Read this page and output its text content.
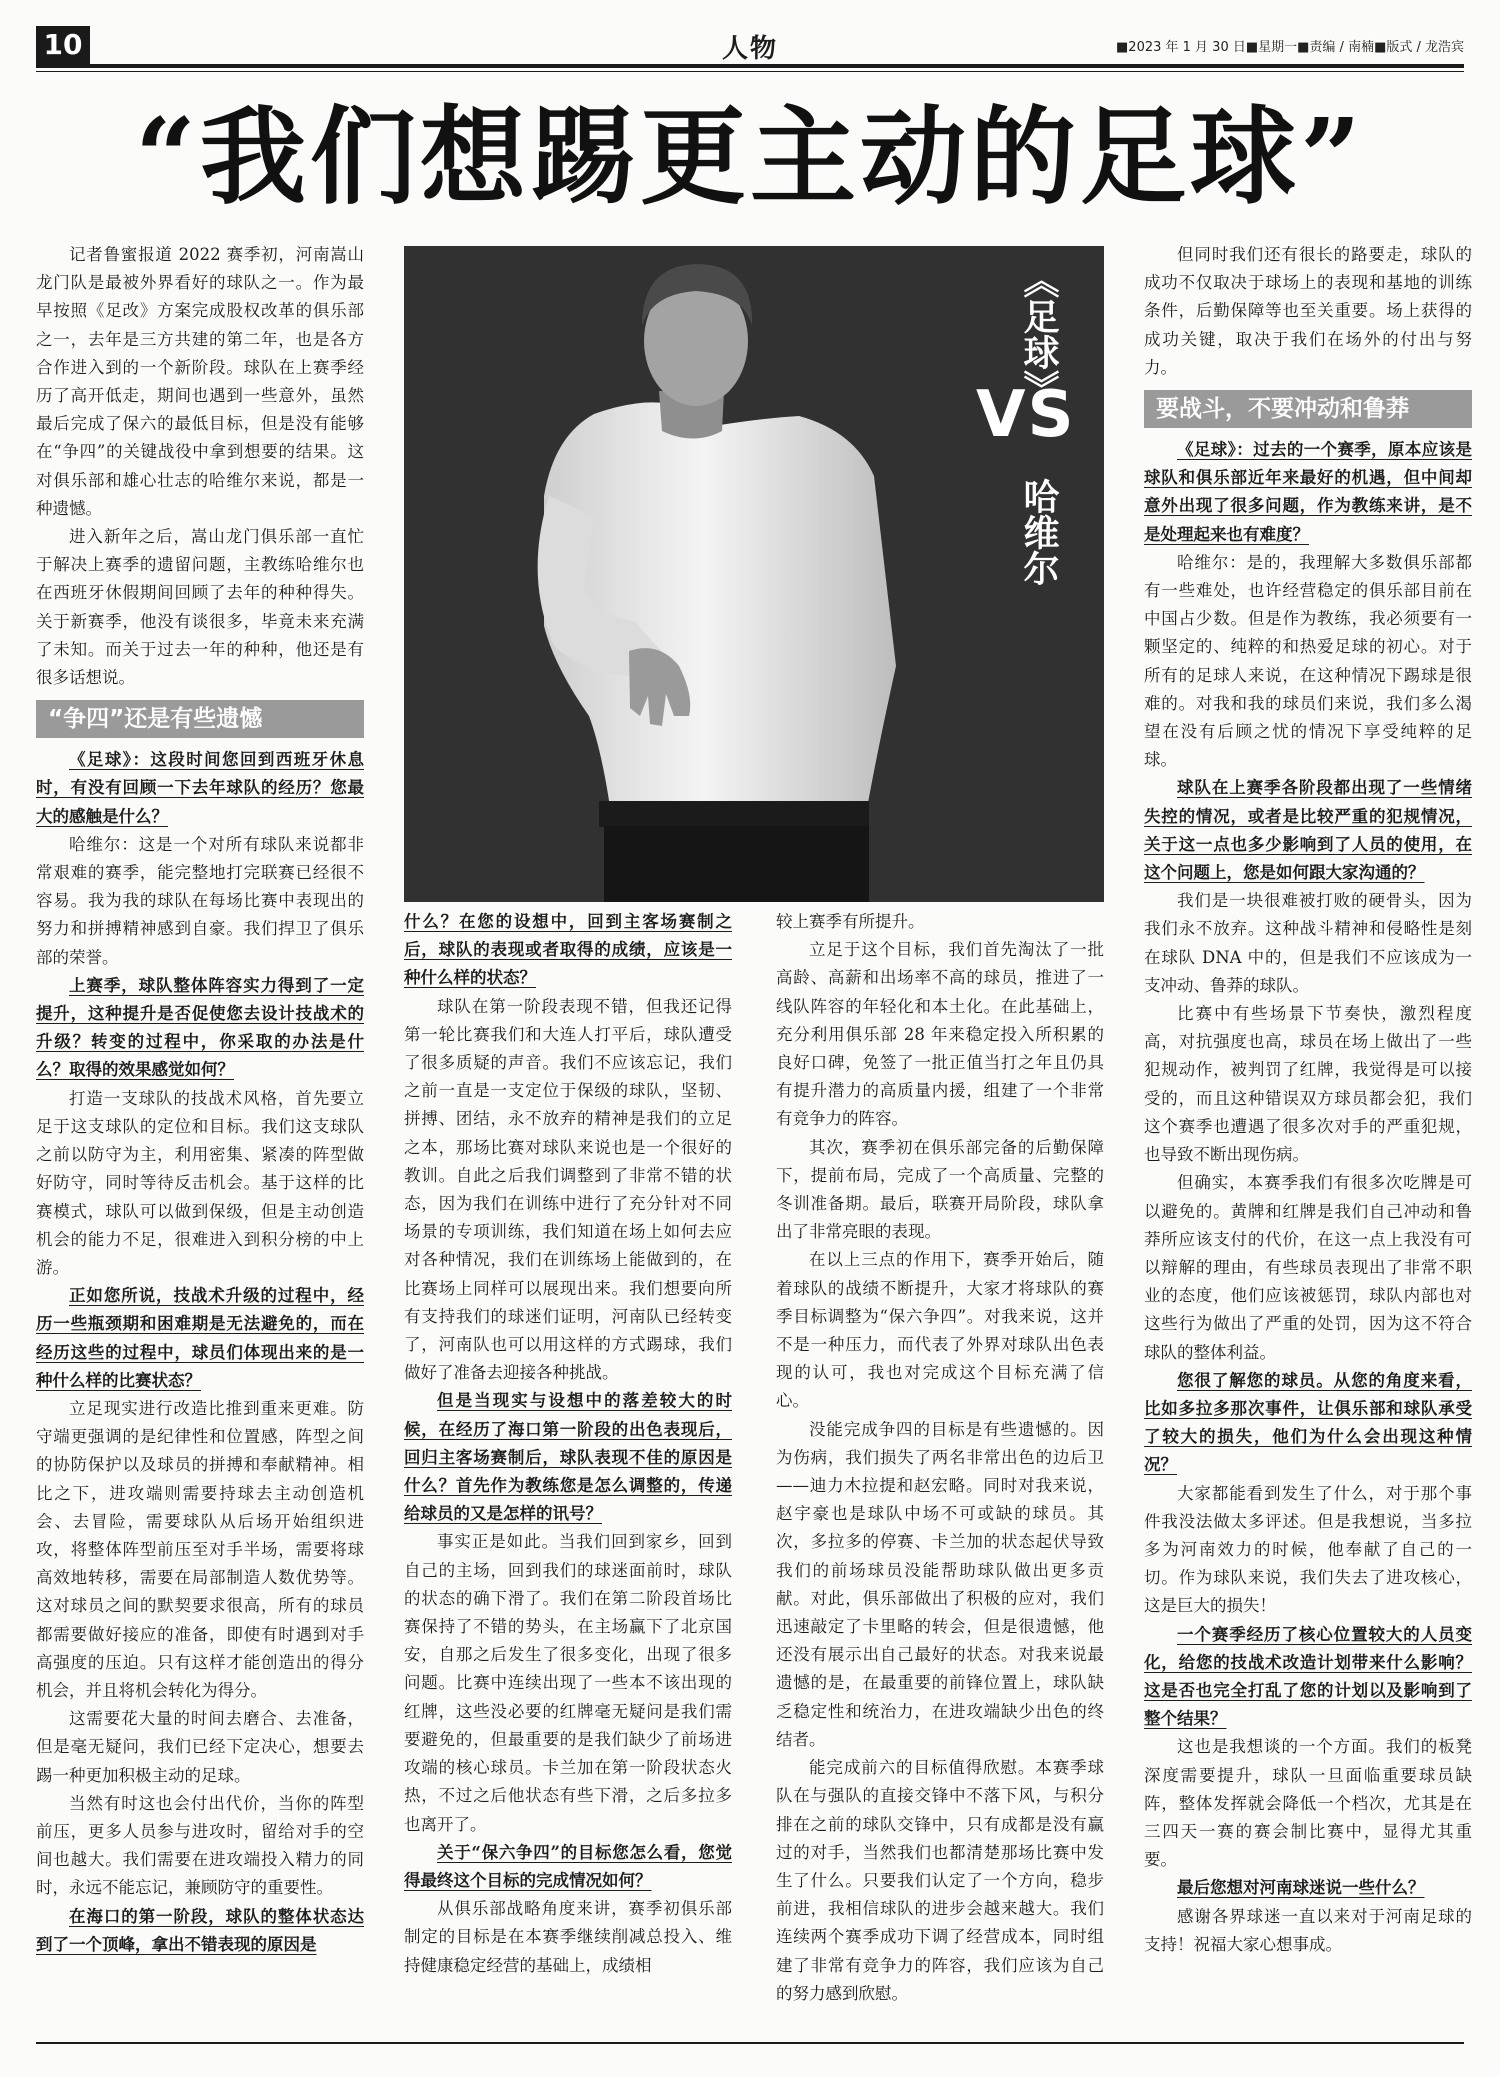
10	人物	■2023 年 1 月 30 日■星期一■责编 / 南楠■版式 / 龙浩宾
“我们想踢更主动的足球”

记者鲁蜜报道 2022 赛季初，河南嵩山龙门队是最被外界看好的球队之一。作为最早按照《足改》方案完成股权改革的俱乐部之一，去年是三方共建的第二年，也是各方合作进入到的一个新阶段。球队在上赛季经历了高开低走，期间也遇到一些意外，虽然最后完成了保六的最低目标，但是没有能够在“争四”的关键战役中拿到想要的结果。这对俱乐部和雄心壮志的哈维尔来说，都是一种遗憾。

进入新年之后，嵩山龙门俱乐部一直忙于解决上赛季的遗留问题，主教练哈维尔也在西班牙休假期间回顾了去年的种种得失。关于新赛季，他没有谈很多，毕竟未来充满了未知。而关于过去一年的种种，他还是有很多话想说。

“争四”还是有些遗憾

《足球》：这段时间您回到西班牙休息时，有没有回顾一下去年球队的经历？您最大的感触是什么？

哈维尔：这是一个对所有球队来说都非常艰难的赛季，能完整地打完联赛已经很不容易。我为我的球队在每场比赛中表现出的努力和拼搏精神感到自豪。我们捍卫了俱乐部的荣誉。

上赛季，球队整体阵容实力得到了一定提升，这种提升是否促使您去设计技战术的升级？转变的过程中，你采取的办法是什么？取得的效果感觉如何？

打造一支球队的技战术风格，首先要立足于这支球队的定位和目标。我们这支球队之前以防守为主，利用密集、紧凑的阵型做好防守，同时等待反击机会。基于这样的比赛模式，球队可以做到保级，但是主动创造机会的能力不足，很难进入到积分榜的中上游。

正如您所说，技战术升级的过程中，经历一些瓶颈期和困难期是无法避免的，而在经历这些的过程中，球员们体现出来的是一种什么样的比赛状态？

立足现实进行改造比推到重来更难。防守端更强调的是纪律性和位置感，阵型之间的协防保护以及球员的拼搏和奉献精神。相比之下，进攻端则需要持球去主动创造机会、去冒险，需要球队从后场开始组织进攻，将整体阵型前压至对手半场，需要将球高效地转移，需要在局部制造人数优势等。这对球员之间的默契要求很高，所有的球员都需要做好接应的准备，即使有时遇到对手高强度的压迫。只有这样才能创造出的得分机会，并且将机会转化为得分。

这需要花大量的时间去磨合、去准备，但是毫无疑问，我们已经下定决心，想要去踢一种更加积极主动的足球。

当然有时这也会付出代价，当你的阵型前压，更多人员参与进攻时，留给对手的空间也越大。我们需要在进攻端投入精力的同时，永远不能忘记，兼顾防守的重要性。

在海口的第一阶段，球队的整体状态达到了一个顶峰，拿出不错表现的原因是

《足球》
VS
哈维尔

什么？在您的设想中，回到主客场赛制之后，球队的表现或者取得的成绩，应该是一种什么样的状态？

球队在第一阶段表现不错，但我还记得第一轮比赛我们和大连人打平后，球队遭受了很多质疑的声音。我们不应该忘记，我们之前一直是一支定位于保级的球队，坚韧、拼搏、团结，永不放弃的精神是我们的立足之本，那场比赛对球队来说也是一个很好的教训。自此之后我们调整到了非常不错的状态，因为我们在训练中进行了充分针对不同场景的专项训练，我们知道在场上如何去应对各种情况，我们在训练场上能做到的，在比赛场上同样可以展现出来。我们想要向所有支持我们的球迷们证明，河南队已经转变了，河南队也可以用这样的方式踢球，我们做好了准备去迎接各种挑战。

但是当现实与设想中的落差较大的时候，在经历了海口第一阶段的出色表现后，回归主客场赛制后，球队表现不佳的原因是什么？首先作为教练您是怎么调整的，传递给球员的又是怎样的讯号？

事实正是如此。当我们回到家乡，回到自己的主场，回到我们的球迷面前时，球队的状态的确下滑了。我们在第二阶段首场比赛保持了不错的势头，在主场赢下了北京国安，自那之后发生了很多变化，出现了很多问题。比赛中连续出现了一些本不该出现的红牌，这些没必要的红牌毫无疑问是我们需要避免的，但最重要的是我们缺少了前场进攻端的核心球员。卡兰加在第一阶段状态火热，不过之后他状态有些下滑，之后多拉多也离开了。

关于“保六争四”的目标您怎么看，您觉得最终这个目标的完成情况如何？

从俱乐部战略角度来讲，赛季初俱乐部制定的目标是在本赛季继续削减总投入、维持健康稳定经营的基础上，成绩相

较上赛季有所提升。

立足于这个目标，我们首先淘汰了一批高龄、高薪和出场率不高的球员，推进了一线队阵容的年轻化和本土化。在此基础上，充分利用俱乐部 28 年来稳定投入所积累的良好口碑，免签了一批正值当打之年且仍具有提升潜力的高质量内援，组建了一个非常有竞争力的阵容。

其次，赛季初在俱乐部完备的后勤保障下，提前布局，完成了一个高质量、完整的冬训准备期。最后，联赛开局阶段，球队拿出了非常亮眼的表现。

在以上三点的作用下，赛季开始后，随着球队的战绩不断提升，大家才将球队的赛季目标调整为“保六争四”。对我来说，这并不是一种压力，而代表了外界对球队出色表现的认可，我也对完成这个目标充满了信心。

没能完成争四的目标是有些遗憾的。因为伤病，我们损失了两名非常出色的边后卫——迪力木拉提和赵宏略。同时对我来说，赵宇豪也是球队中场不可或缺的球员。其次，多拉多的停赛、卡兰加的状态起伏导致我们的前场球员没能帮助球队做出更多贡献。对此，俱乐部做出了积极的应对，我们迅速敲定了卡里略的转会，但是很遗憾，他还没有展示出自己最好的状态。对我来说最遗憾的是，在最重要的前锋位置上，球队缺乏稳定性和统治力，在进攻端缺少出色的终结者。

能完成前六的目标值得欣慰。本赛季球队在与强队的直接交锋中不落下风，与积分排在之前的球队交锋中，只有成都是没有赢过的对手，当然我们也都清楚那场比赛中发生了什么。只要我们认定了一个方向，稳步前进，我相信球队的进步会越来越大。我们连续两个赛季成功下调了经营成本，同时组建了非常有竞争力的阵容，我们应该为自己的努力感到欣慰。

但同时我们还有很长的路要走，球队的成功不仅取决于球场上的表现和基地的训练条件，后勤保障等也至关重要。场上获得的成功关键，取决于我们在场外的付出与努力。

要战斗，不要冲动和鲁莽

《足球》：过去的一个赛季，原本应该是球队和俱乐部近年来最好的机遇，但中间却意外出现了很多问题，作为教练来讲，是不是处理起来也有难度？

哈维尔：是的，我理解大多数俱乐部都有一些难处，也许经营稳定的俱乐部目前在中国占少数。但是作为教练，我必须要有一颗坚定的、纯粹的和热爱足球的初心。对于所有的足球人来说，在这种情况下踢球是很难的。对我和我的球员们来说，我们多么渴望在没有后顾之忧的情况下享受纯粹的足球。

球队在上赛季各阶段都出现了一些情绪失控的情况，或者是比较严重的犯规情况，关于这一点也多少影响到了人员的使用，在这个问题上，您是如何跟大家沟通的？

我们是一块很难被打败的硬骨头，因为我们永不放弃。这种战斗精神和侵略性是刻在球队 DNA 中的，但是我们不应该成为一支冲动、鲁莽的球队。

比赛中有些场景下节奏快，激烈程度高，对抗强度也高，球员在场上做出了一些犯规动作，被判罚了红牌，我觉得是可以接受的，而且这种错误双方球员都会犯，我们这个赛季也遭遇了很多次对手的严重犯规，也导致不断出现伤病。

但确实，本赛季我们有很多次吃牌是可以避免的。黄牌和红牌是我们自己冲动和鲁莽所应该支付的代价，在这一点上我没有可以辩解的理由，有些球员表现出了非常不职业的态度，他们应该被惩罚，球队内部也对这些行为做出了严重的处罚，因为这不符合球队的整体利益。

您很了解您的球员。从您的角度来看，比如多拉多那次事件，让俱乐部和球队承受了较大的损失，他们为什么会出现这种情况？

大家都能看到发生了什么，对于那个事件我没法做太多评述。但是我想说，当多拉多为河南效力的时候，他奉献了自己的一切。作为球队来说，我们失去了进攻核心，这是巨大的损失！

一个赛季经历了核心位置较大的人员变化，给您的技战术改造计划带来什么影响？这是否也完全打乱了您的计划以及影响到了整个结果？

这也是我想谈的一个方面。我们的板凳深度需要提升，球队一旦面临重要球员缺阵，整体发挥就会降低一个档次，尤其是在三四天一赛的赛会制比赛中，显得尤其重要。

最后您想对河南球迷说一些什么？

感谢各界球迷一直以来对于河南足球的支持！祝福大家心想事成。
